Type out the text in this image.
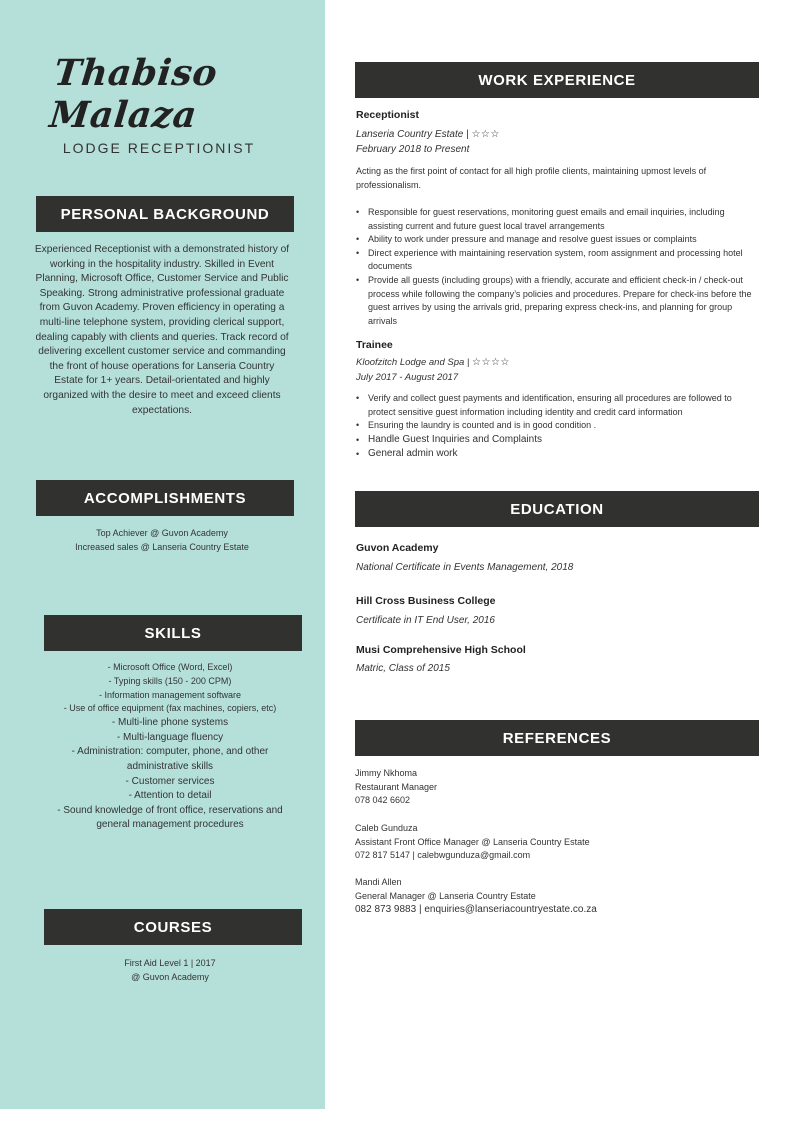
Thabiso Malaza
LODGE RECEPTIONIST
PERSONAL BACKGROUND
Experienced Receptionist with a demonstrated history of working in the hospitality industry. Skilled in Event Planning, Microsoft Office, Customer Service and Public Speaking. Strong administrative professional graduate from Guvon Academy. Proven efficiency in operating a multi-line telephone system, providing clerical support, dealing capably with clients and queries. Track record of delivering excellent customer service and commanding the front of house operations for Lanseria Country Estate for 1+ years. Detail-orientated and highly organized with the desire to meet and exceed clients expectations.
ACCOMPLISHMENTS
Top Achiever @ Guvon Academy
Increased sales @ Lanseria Country Estate
SKILLS
- Microsoft Office (Word, Excel)
- Typing skills (150 - 200 CPM)
- Information management software
- Use of office equipment (fax machines, copiers, etc)
- Multi-line phone systems
- Multi-language fluency
- Administration: computer, phone, and other administrative skills
- Customer services
- Attention to detail
- Sound knowledge of front office, reservations and general management procedures
COURSES
First Aid Level 1 | 2017
@ Guvon Academy
WORK EXPERIENCE
Receptionist
Lanseria Country Estate | ☆☆☆
February 2018 to Present
Acting as the first point of contact for all high profile clients, maintaining upmost levels of professionalism.
• Responsible for guest reservations, monitoring guest emails and email inquiries, including assisting current and future guest local travel arrangements
• Ability to work under pressure and manage and resolve guest issues or complaints
• Direct experience with maintaining reservation system, room assignment and processing hotel documents
• Provide all guests (including groups) with a friendly, accurate and efficient check-in / check-out process while following the company’s policies and procedures. Prepare for check-ins before the guest arrives by using the arrivals grid, preparing express check-ins, and planning for group arrivals
Trainee
Kloofzitch Lodge and Spa | ☆☆☆☆
July 2017 - August 2017
• Verify and collect guest payments and identification, ensuring all procedures are followed to protect sensitive guest information including identity and credit card information
• Ensuring the laundry is counted and is in good condition .
• Handle Guest Inquiries and Complaints
• General admin work
EDUCATION
Guvon Academy
National Certificate in Events Management, 2018
Hill Cross Business College
Certificate in IT End User, 2016
Musi Comprehensive High School
Matric, Class of 2015
REFERENCES
Jimmy Nkhoma
Restaurant Manager
078 042 6602
Caleb Gunduza
Assistant Front Office Manager @ Lanseria Country Estate
072 817 5147 | calebwgunduza@gmail.com
Mandi Allen
General Manager @ Lanseria Country Estate
082 873 9883 | enquiries@lanseriacountryestate.co.za
